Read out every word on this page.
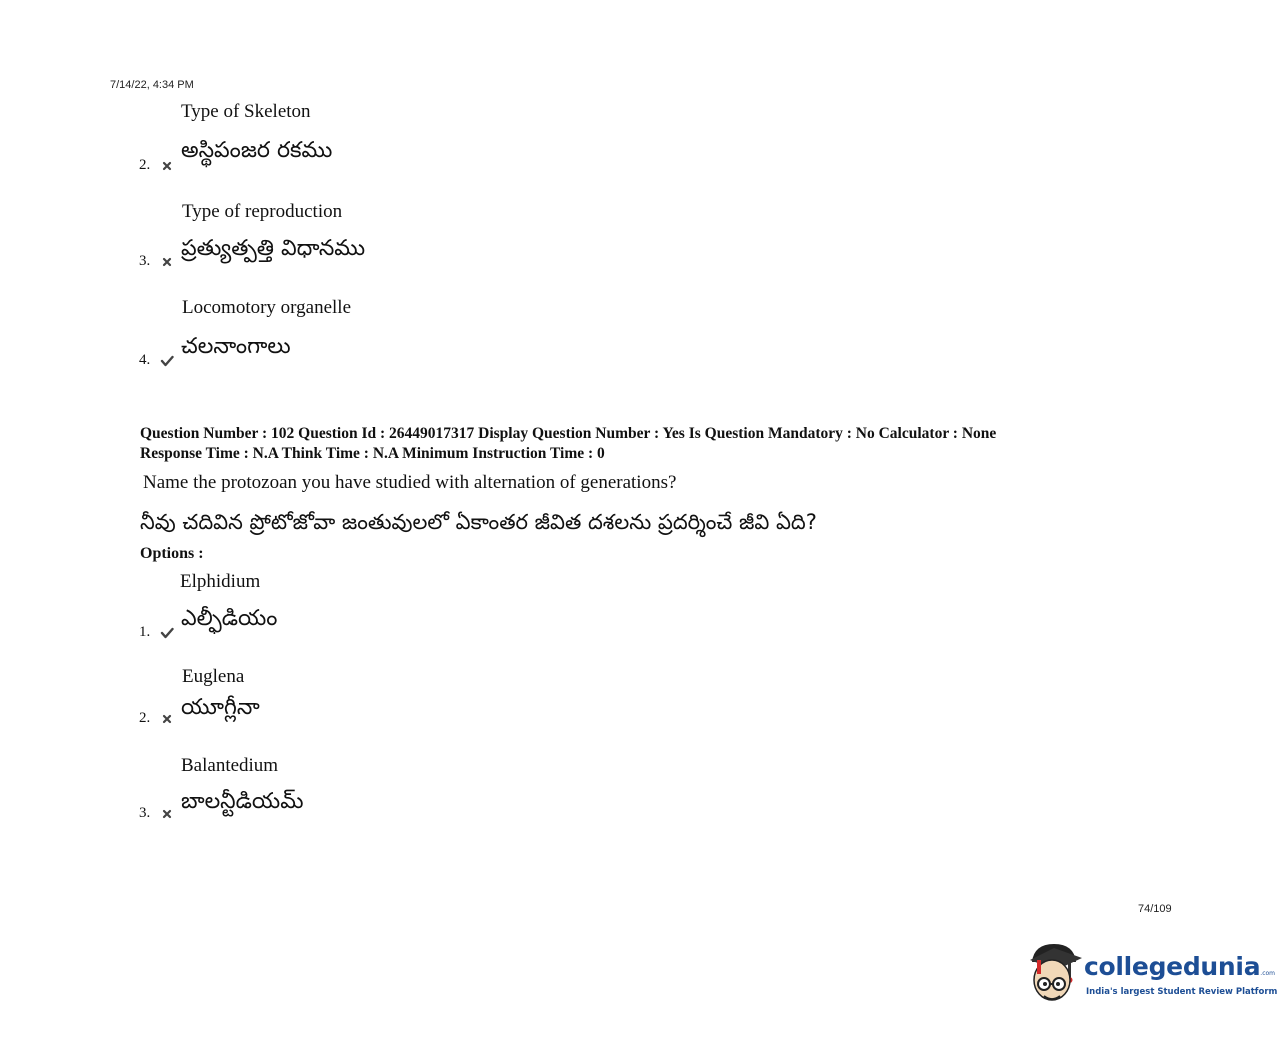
7/14/22, 4:34 PM
Type of Skeleton
అస్థిపంజర రకము
2.
Type of reproduction
ప్రత్యుత్పత్తి విధానము
3.
Locomotory organelle
చలనాంగాలు
4.
Question Number : 102 Question Id : 26449017317 Display Question Number : Yes Is Question Mandatory : No Calculator : None
Response Time : N.A Think Time : N.A Minimum Instruction Time : 0
Name the protozoan you have studied with alternation of generations?
నీవు చదివిన ప్రోటోజోవా జంతువులలో ఏకాంతర జీవిత దశలను ప్రదర్శించే జీవి ఏది?
Options :
Elphidium
ఎల్ఫీడియం
1.
Euglena
యూగ్లీనా
2.
Balantedium
బాలన్టీడియమ్
3.
74/109
collegedunia.com
India's largest Student Review Platform
